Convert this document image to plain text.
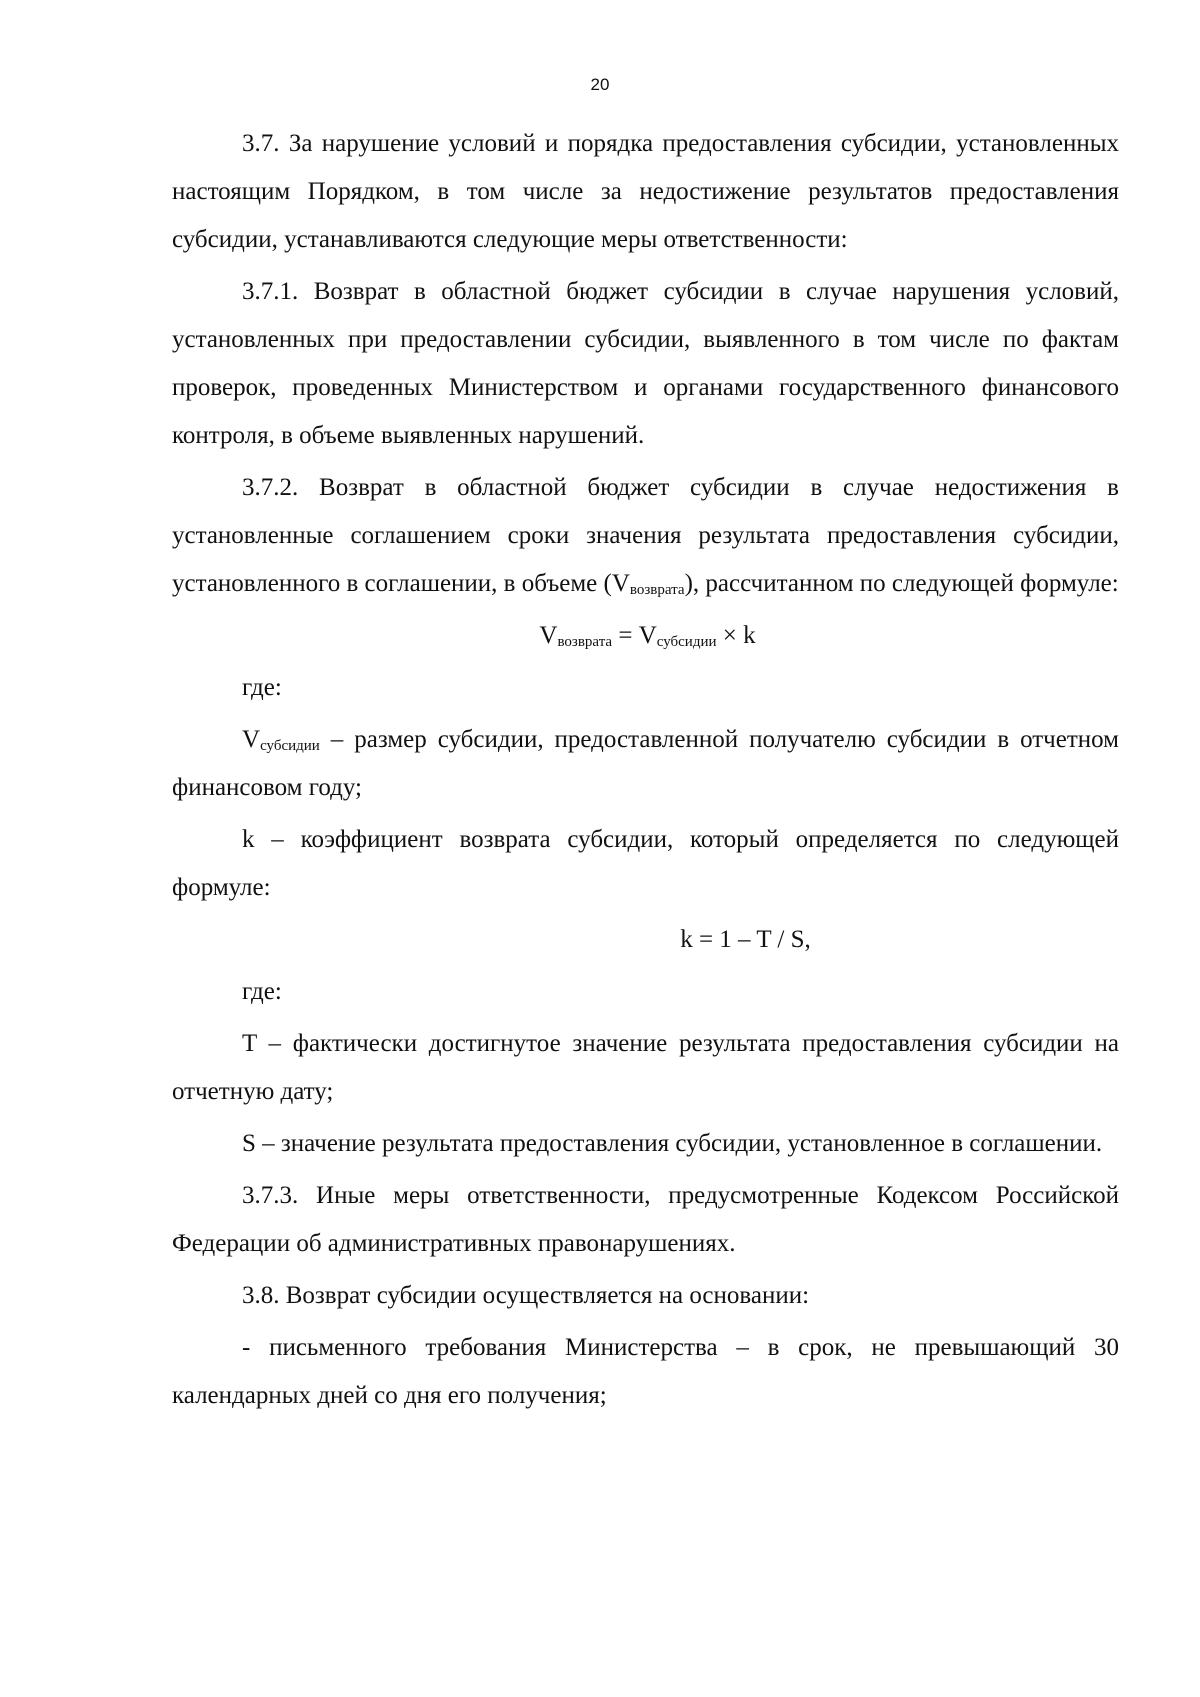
20

3.7. За нарушение условий и порядка предоставления субсидии, установленных настоящим Порядком, в том числе за недостижение результатов предоставления субсидии, устанавливаются следующие меры ответственности:

3.7.1. Возврат в областной бюджет субсидии в случае нарушения условий, установленных при предоставлении субсидии, выявленного в том числе по фактам проверок, проведенных Министерством и органами государственного финансового контроля, в объеме выявленных нарушений.

3.7.2. Возврат в областной бюджет субсидии в случае недостижения в установленные соглашением сроки значения результата предоставления субсидии, установленного в соглашении, в объеме $(V_{возврата})$, рассчитанном по следующей формуле:

$V_{возврата} = V_{субсидии} \times k$

где:

$V_{субсидии}$ – размер субсидии, предоставленной получателю субсидии в отчетном финансовом году;

k – коэффициент возврата субсидии, который определяется по следующей формуле:

k = 1 – T / S,

где:

T – фактически достигнутое значение результата предоставления субсидии на отчетную дату;

S – значение результата предоставления субсидии, установленное в соглашении.

3.7.3. Иные меры ответственности, предусмотренные Кодексом Российской Федерации об административных правонарушениях.

3.8. Возврат субсидии осуществляется на основании:

- письменного требования Министерства – в срок, не превышающий 30 календарных дней со дня его получения;
